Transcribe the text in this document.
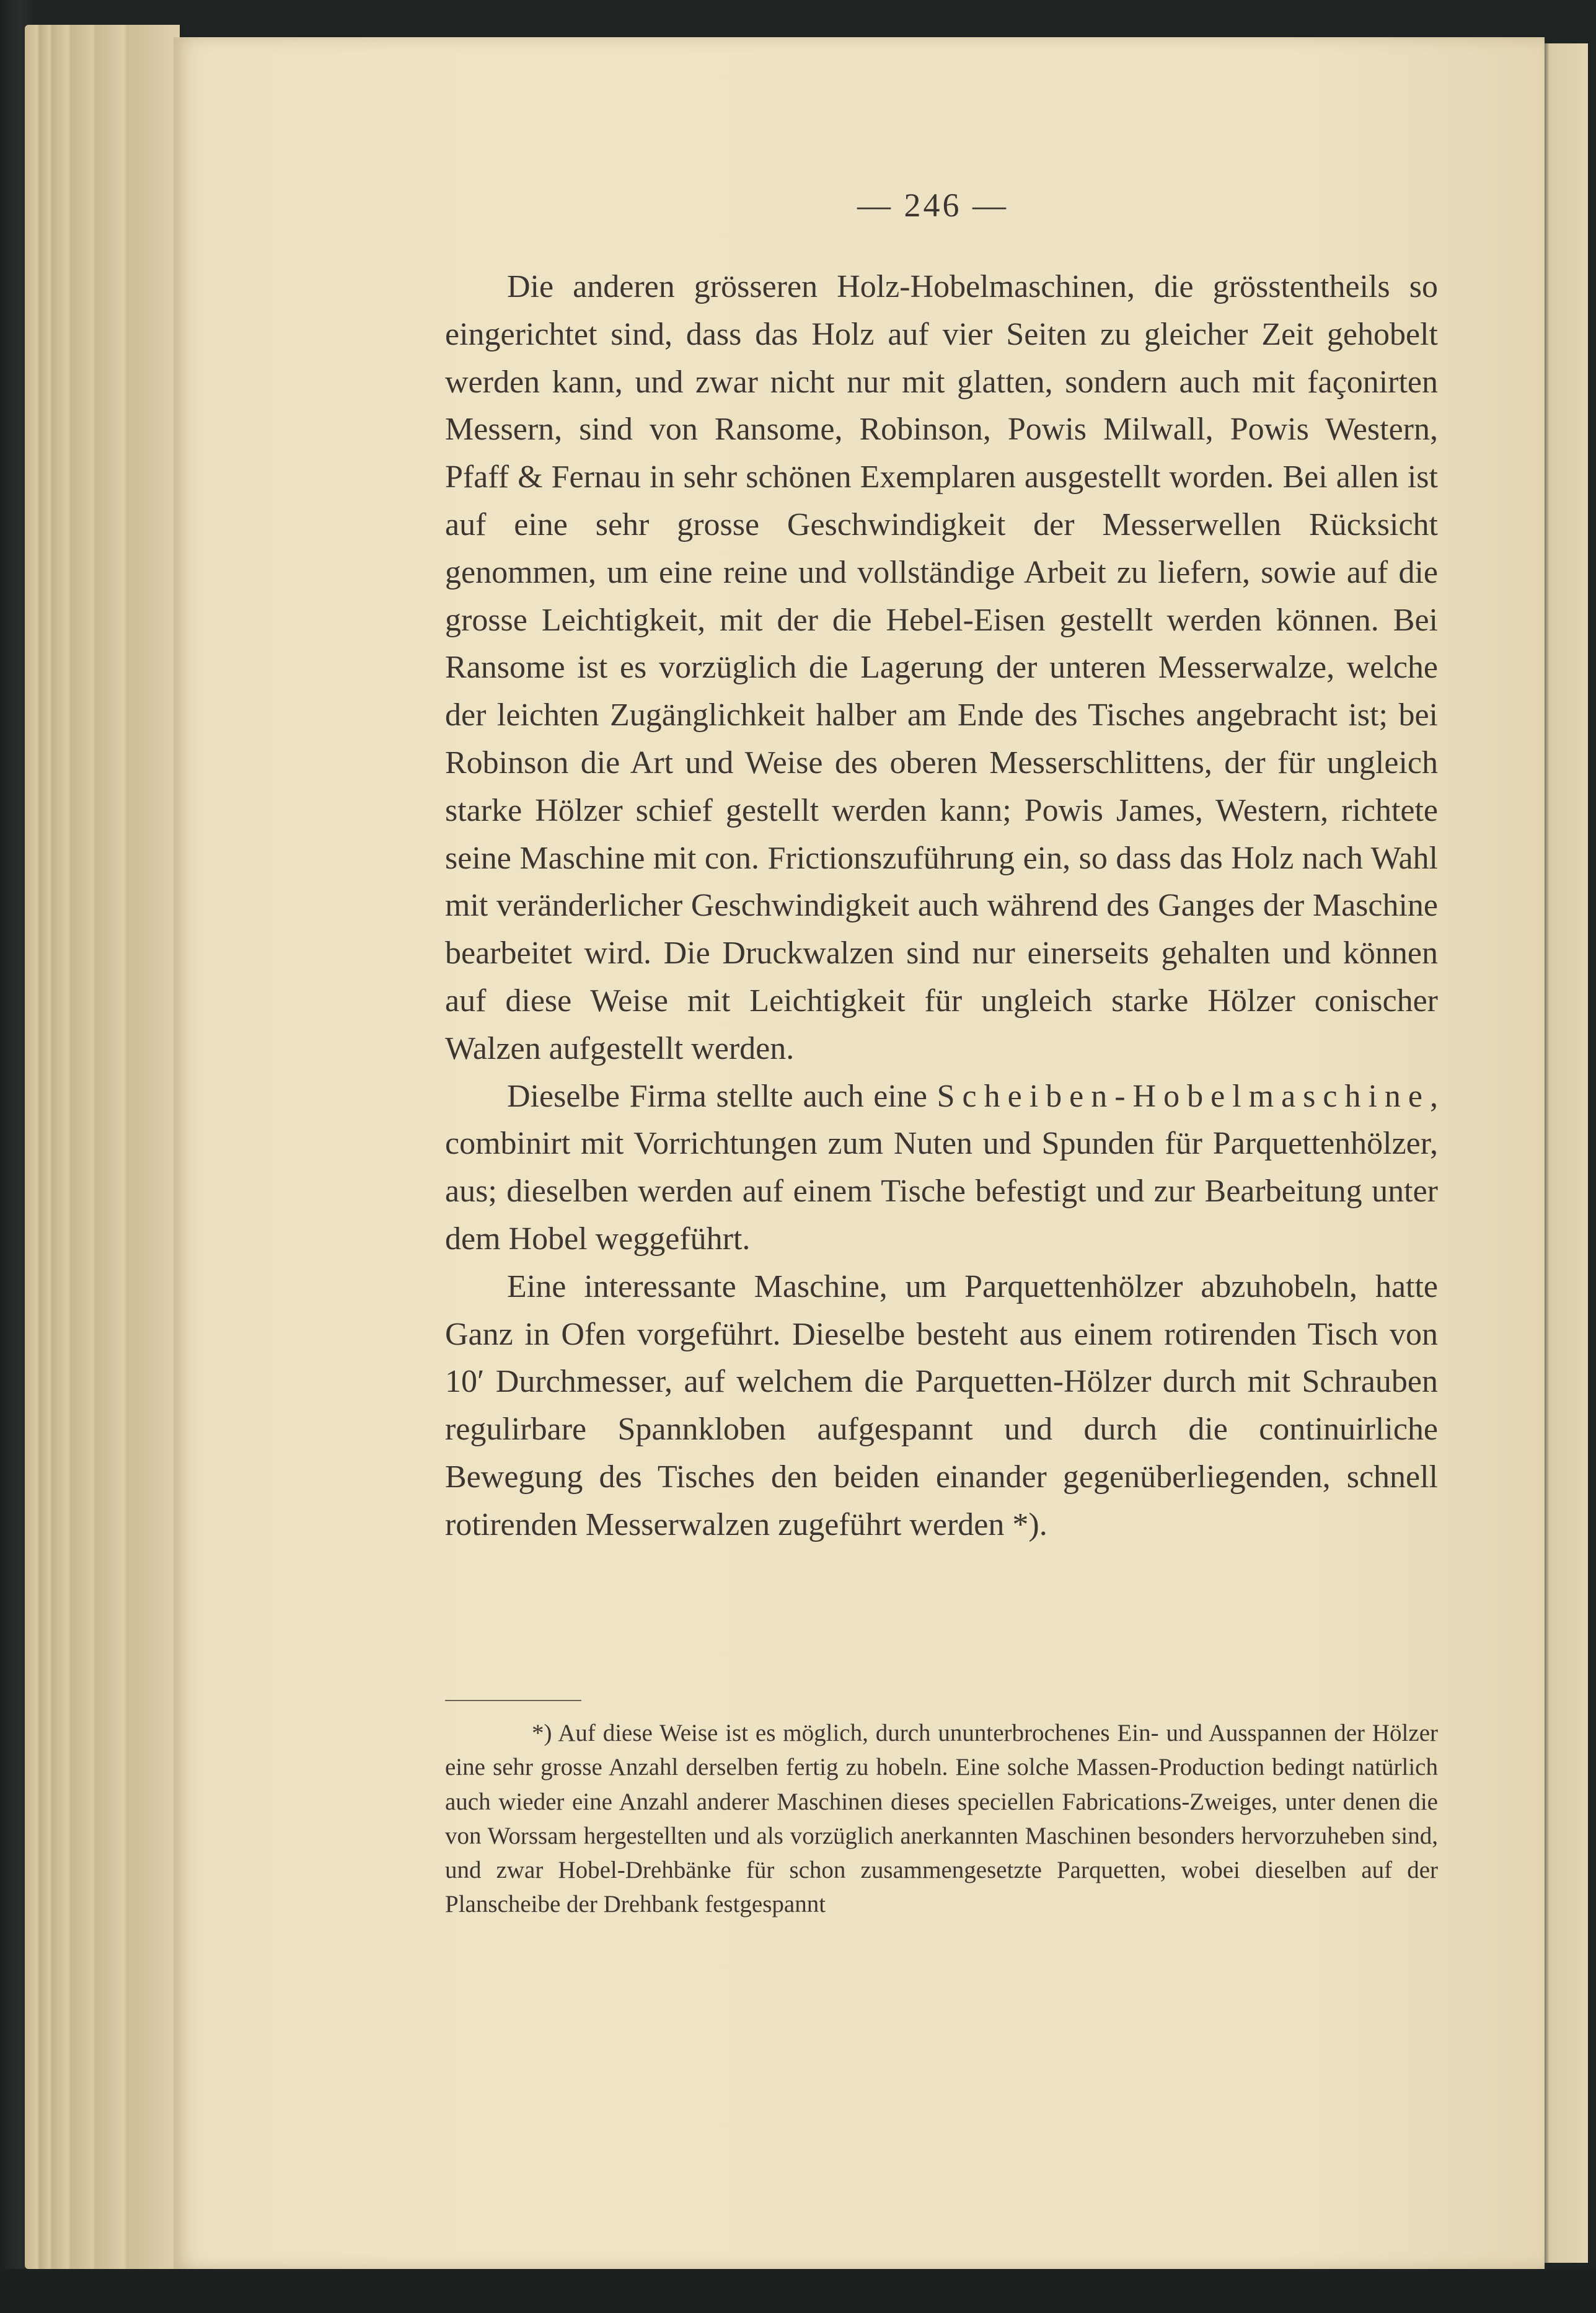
— 246 —

Die anderen grösseren Holz-Hobelmaschinen, die grösstentheils so eingerichtet sind, dass das Holz auf vier Seiten zu gleicher Zeit gehobelt werden kann, und zwar nicht nur mit glatten, sondern auch mit façonirten Messern, sind von Ransome, Robinson, Powis Milwall, Powis Western, Pfaff & Fernau in sehr schönen Exemplaren ausgestellt worden. Bei allen ist auf eine sehr grosse Geschwindigkeit der Messerwellen Rücksicht genommen, um eine reine und vollständige Arbeit zu liefern, sowie auf die grosse Leichtigkeit, mit der die Hebel-Eisen gestellt werden können. Bei Ransome ist es vorzüglich die Lagerung der unteren Messerwalze, welche der leichten Zugänglichkeit halber am Ende des Tisches angebracht ist; bei Robinson die Art und Weise des oberen Messerschlittens, der für ungleich starke Hölzer schief gestellt werden kann; Powis James, Western, richtete seine Maschine mit con. Frictionszuführung ein, so dass das Holz nach Wahl mit veränderlicher Geschwindigkeit auch während des Ganges der Maschine bearbeitet wird. Die Druckwalzen sind nur einerseits gehalten und können auf diese Weise mit Leichtigkeit für ungleich starke Hölzer conischer Walzen aufgestellt werden.

Dieselbe Firma stellte auch eine Scheiben-Hobelmaschine, combinirt mit Vorrichtungen zum Nuten und Spunden für Parquettenhölzer, aus; dieselben werden auf einem Tische befestigt und zur Bearbeitung unter dem Hobel weggeführt.

Eine interessante Maschine, um Parquettenhölzer abzuhobeln, hatte Ganz in Ofen vorgeführt. Dieselbe besteht aus einem rotirenden Tisch von 10′ Durchmesser, auf welchem die Parquetten-Hölzer durch mit Schrauben regulirbare Spannkloben aufgespannt und durch die continuirliche Bewegung des Tisches den beiden einander gegenüberliegenden, schnell rotirenden Messerwalzen zugeführt werden *).

*) Auf diese Weise ist es möglich, durch ununterbrochenes Ein- und Ausspannen der Hölzer eine sehr grosse Anzahl derselben fertig zu hobeln. Eine solche Massen-Production bedingt natürlich auch wieder eine Anzahl anderer Maschinen dieses speciellen Fabrications-Zweiges, unter denen die von Worssam hergestellten und als vorzüglich anerkannten Maschinen besonders hervorzuheben sind, und zwar Hobel-Drehbänke für schon zusammengesetzte Parquetten, wobei dieselben auf der Planscheibe der Drehbank festgespannt
